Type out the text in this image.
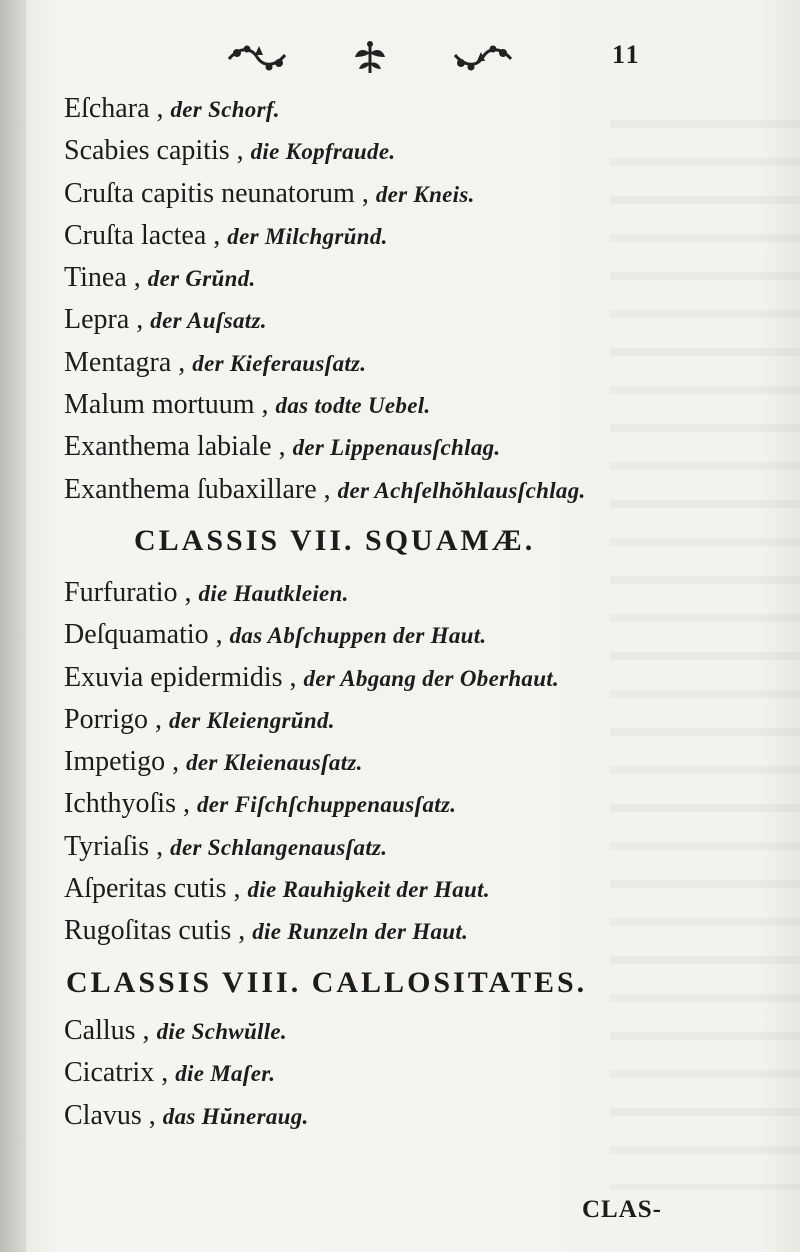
11
Eſchara , der Schorf.
Scabies capitis , die Kopfraude.
Cruſta capitis neunatorum , der Kneis.
Cruſta lactea , der Milchgrŭnd.
Tinea , der Grŭnd.
Lepra , der Auſsatz.
Mentagra , der Kieferausſatz.
Malum mortuum , das todte Uebel.
Exanthema labiale , der Lippenausſchlag.
Exanthema ſubaxillare , der Achſelhŏhlausſchlag.
CLASSIS VII. SQUAMÆ.
Furfuratio , die Hautkleien.
Deſquamatio , das Abſchuppen der Haut.
Exuvia epidermidis , der Abgang der Oberhaut.
Porrigo , der Kleiengrŭnd.
Impetigo , der Kleienausſatz.
Ichthyoſis , der Fiſchſchuppenausſatz.
Tyriaſis , der Schlangenausſatz.
Aſperitas cutis , die Rauhigkeit der Haut.
Rugoſitas cutis , die Runzeln der Haut.
CLASSIS VIII. CALLOSITATES.
Callus , die Schwŭlle.
Cicatrix , die Maſer.
Clavus , das Hŭneraug.
CLAS-
